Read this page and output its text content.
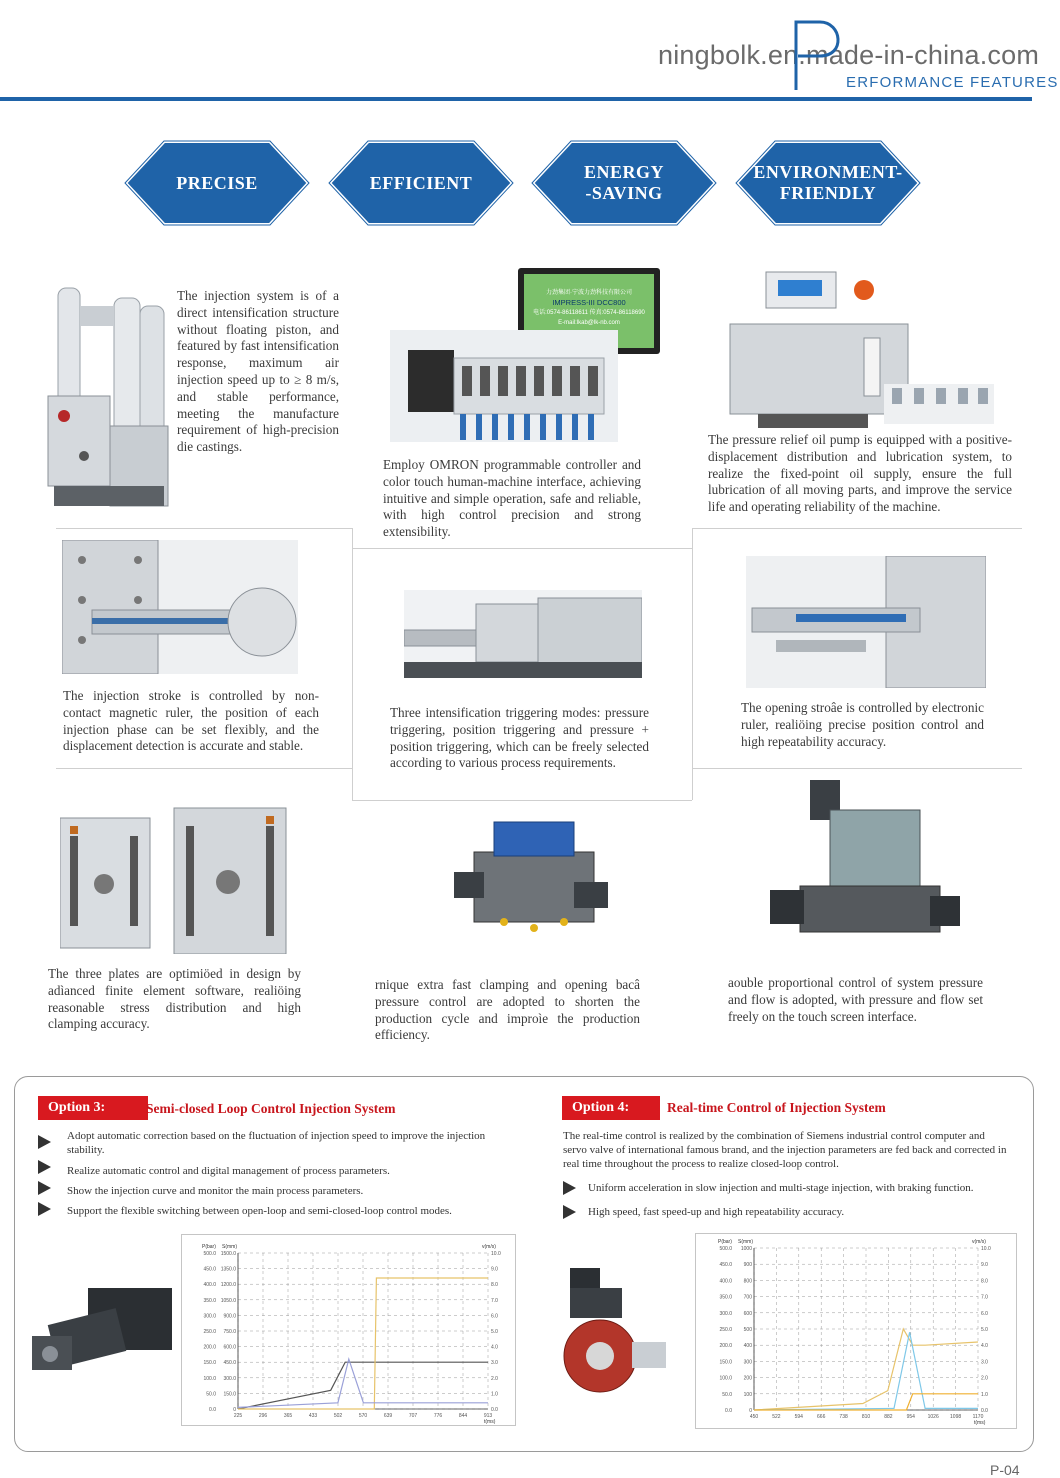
ningbolk.en.made-in-china.com
ERFORMANCE FEATURES
PRECISE	EFFICIENT
ENERGY
-SAVING
ENVIRONMENT-
FRIENDLY
The injection system is of a direct intensification structure without floating piston, and featured by fast intensification response, maximum air injection speed up to ≥ 8 m/s, and stable performance, meeting the manufacture requirement of high-precision die castings.
力劲集团·宁波力劲科技有限公司
IMPRESS-III DCC800
电话:0574-86118611 传真:0574-86118690
E-mail:lkab@lk-nb.com
Employ OMRON programmable controller and color touch human-machine interface, achieving intuitive and simple operation, safe and reliable, with high control precision and strong extensibility.
The pressure relief oil pump is equipped with a positive-displacement distribution and lubrication system, to realize the fixed-point oil supply, ensure the full lubrication of all moving parts, and improve the service life and operating reliability of the machine.
The injection stroke is controlled by non-contact magnetic ruler, the position of each injection phase can be set flexibly, and the displacement detection is accurate and stable.
Three intensification triggering modes: pressure triggering, position triggering and pressure + position triggering, which can be freely selected according to various process requirements.
The opening stroâe is controlled by electronic ruler, realiöing precise position control and high repeatability accuracy.
The three plates are optimiöed in design by adìanced finite element software, realiöing reasonable stress distribution and high clamping accuracy.
rnique extra fast clamping and opening bacâ pressure control are adopted to shorten the production cycle and improìe the production efficiency.
aouble proportional control of system pressure and flow is adopted, with pressure and flow set freely on the touch screen interface.
Option 3:	Semi-closed Loop Control Injection System
Adopt automatic correction based on the fluctuation of injection speed to improve the injection stability.
Realize automatic control and digital management of process parameters.
Show the injection curve and monitor the main process parameters.
Support the flexible switching between open-loop and semi-closed-loop control modes.
Option 4:	Real-time Control of Injection System
The real-time control is realized by the combination of Siemens industrial control computer and servo valve of international famous brand, and the injection parameters are fed back and corrected in real time throughout the process to realize closed-loop control.
Uniform acceleration in slow injection and multi-stage injection, with braking function.
High speed, fast speed-up and high repeatability accuracy.
500.0 1500.0	10.0
450.0 1350.0	9.0
400.0 1200.0	8.0
350.0 1050.0	7.0
300.0 900.0	6.0
250.0 750.0	5.0
200.0 600.0	4.0
150.0 450.0	3.0
100.0 300.0	2.0
50.0 150.0	1.0
0.0	0	0.0
225	296	365	433	502	570	639	707	776	844	913
P(bar) S(mm)	v(m/s)
t(ms)
500.0 1000	10.0
450.0 900	9.0
400.0 800	8.0
350.0 700	7.0
300.0 600	6.0
250.0 500	5.0
200.0 400	4.0
150.0 300	3.0
100.0 200	2.0
50.0 100	1.0
0.0	0	0.0
450	522	594	666	738	810	882	954	1026 1098 1170
P(bar) S(mm)	v(m/s)
t(ms)
P-04
